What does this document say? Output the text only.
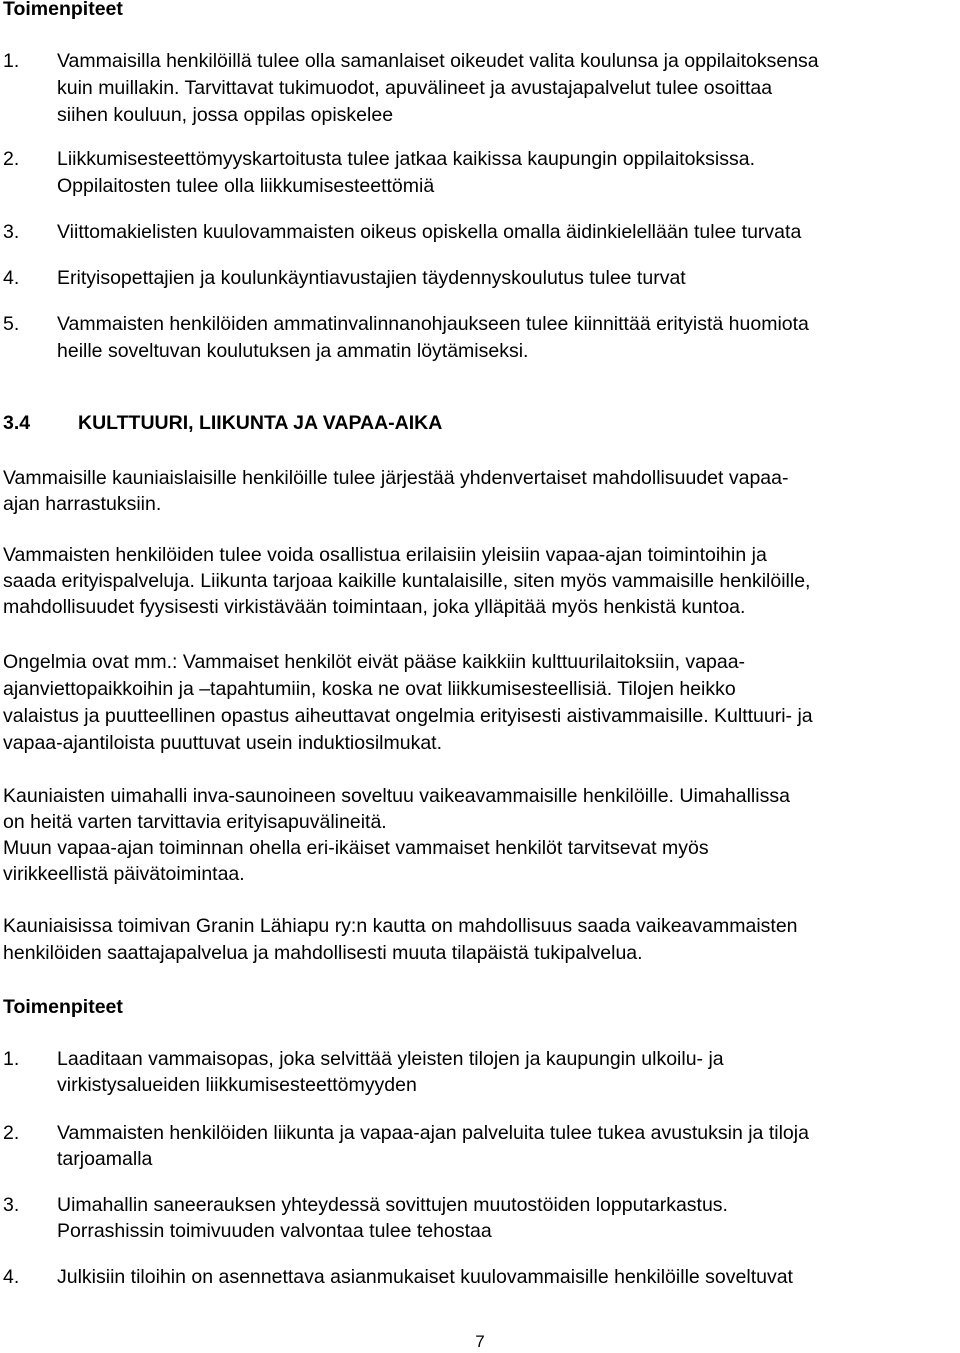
Toimenpiteet
1. Vammaisilla henkilöillä tulee olla samanlaiset oikeudet valita koulunsa ja oppilaitoksensa
kuin muillakin. Tarvittavat tukimuodot, apuvälineet ja avustajapalvelut tulee osoittaa
siihen kouluun, jossa oppilas opiskelee
2. Liikkumisesteettömyyskartoitusta tulee jatkaa kaikissa kaupungin oppilaitoksissa.
Oppilaitosten tulee olla liikkumisesteettömiä
3. Viittomakielisten kuulovammaisten oikeus opiskella omalla äidinkielellään tulee turvata
4. Erityisopettajien ja koulunkäyntiavustajien täydennyskoulutus tulee turvat
5. Vammaisten henkilöiden ammatinvalinnanohjaukseen tulee kiinnittää erityistä huomiota
heille soveltuvan koulutuksen ja ammatin löytämiseksi.
3.4 KULTTUURI, LIIKUNTA JA VAPAA-AIKA
Vammaisille kauniaislaisille henkilöille tulee järjestää yhdenvertaiset mahdollisuudet vapaa-
ajan harrastuksiin.
Vammaisten henkilöiden tulee voida osallistua erilaisiin yleisiin vapaa-ajan toimintoihin ja
saada erityispalveluja. Liikunta tarjoaa kaikille kuntalaisille, siten myös vammaisille henkilöille,
mahdollisuudet fyysisesti virkistävään toimintaan, joka ylläpitää myös henkistä kuntoa.
Ongelmia ovat mm.: Vammaiset henkilöt eivät pääse kaikkiin kulttuurilaitoksiin, vapaa-
ajanviettopaikkoihin ja –tapahtumiin, koska ne ovat liikkumisesteellisiä. Tilojen heikko
valaistus ja puutteellinen opastus aiheuttavat ongelmia erityisesti aistivammaisille. Kulttuuri- ja
vapaa-ajantiloista puuttuvat usein induktiosilmukat.
Kauniaisten uimahalli inva-saunoineen soveltuu vaikeavammaisille henkilöille. Uimahallissa
on heitä varten tarvittavia erityisapuvälineitä.
Muun vapaa-ajan toiminnan ohella eri-ikäiset vammaiset henkilöt tarvitsevat myös
virikkeellistä päivätoimintaa.
Kauniaisissa toimivan Granin Lähiapu ry:n kautta on mahdollisuus saada vaikeavammaisten
henkilöiden saattajapalvelua ja mahdollisesti muuta tilapäistä tukipalvelua.
Toimenpiteet
1. Laaditaan vammaisopas, joka selvittää yleisten tilojen ja kaupungin ulkoilu- ja
virkistysalueiden liikkumisesteettömyyden
2. Vammaisten henkilöiden liikunta ja vapaa-ajan palveluita tulee tukea avustuksin ja tiloja
tarjoamalla
3. Uimahallin saneerauksen yhteydessä sovittujen muutostöiden lopputarkastus.
Porrashissin toimivuuden valvontaa tulee tehostaa
4. Julkisiin tiloihin on asennettava asianmukaiset kuulovammaisille henkilöille soveltuvat
7
